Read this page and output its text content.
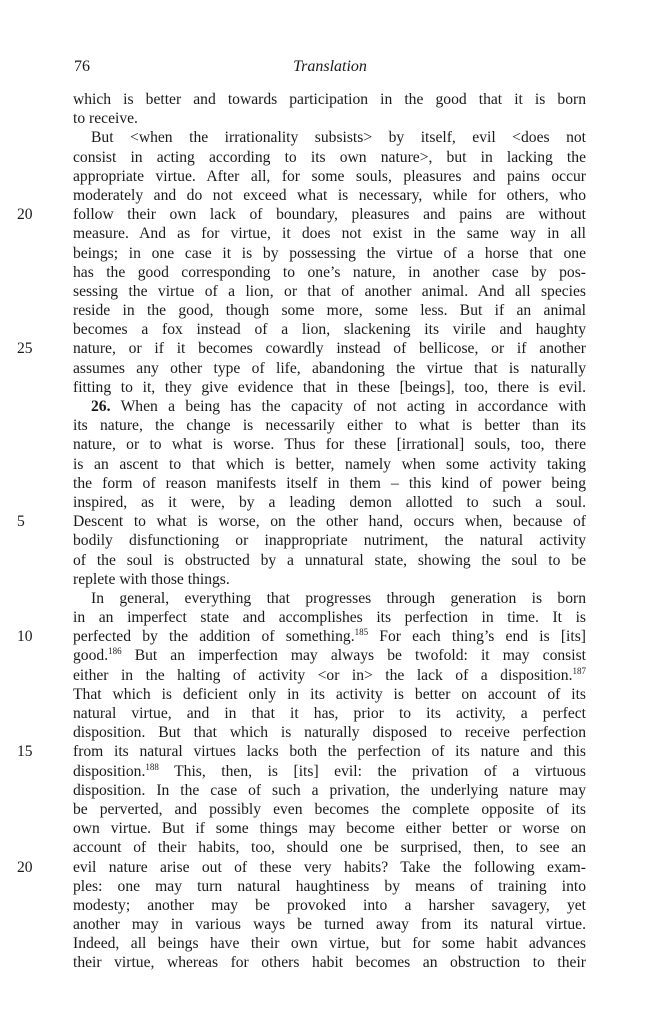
76	Translation
which is better and towards participation in the good that it is born
to receive.
But <when the irrationality subsists> by itself, evil <does not
consist in acting according to its own nature>, but in lacking the
appropriate virtue. After all, for some souls, pleasures and pains occur
moderately and do not exceed what is necessary, while for others, who
20	follow their own lack of boundary, pleasures and pains are without
measure. And as for virtue, it does not exist in the same way in all
beings; in one case it is by possessing the virtue of a horse that one
has the good corresponding to one’s nature, in another case by pos-
sessing the virtue of a lion, or that of another animal. And all species
reside in the good, though some more, some less. But if an animal
becomes a fox instead of a lion, slackening its virile and haughty
25	nature, or if it becomes cowardly instead of bellicose, or if another
assumes any other type of life, abandoning the virtue that is naturally
fitting to it, they give evidence that in these [beings], too, there is evil.
26. When a being has the capacity of not acting in accordance with
its nature, the change is necessarily either to what is better than its
nature, or to what is worse. Thus for these [irrational] souls, too, there
is an ascent to that which is better, namely when some activity taking
the form of reason manifests itself in them – this kind of power being
inspired, as it were, by a leading demon allotted to such a soul.
5	Descent to what is worse, on the other hand, occurs when, because of
bodily disfunctioning or inappropriate nutriment, the natural activity
of the soul is obstructed by a unnatural state, showing the soul to be
replete with those things.
In general, everything that progresses through generation is born
in an imperfect state and accomplishes its perfection in time. It is
10	perfected by the addition of something.$^{185}$ For each thing’s end is [its]
good.$^{186}$ But an imperfection may always be twofold: it may consist
either in the halting of activity <or in> the lack of a disposition.$^{187}$
That which is deficient only in its activity is better on account of its
natural virtue, and in that it has, prior to its activity, a perfect
disposition. But that which is naturally disposed to receive perfection
15	from its natural virtues lacks both the perfection of its nature and this
disposition.$^{188}$ This, then, is [its] evil: the privation of a virtuous
disposition. In the case of such a privation, the underlying nature may
be perverted, and possibly even becomes the complete opposite of its
own virtue. But if some things may become either better or worse on
account of their habits, too, should one be surprised, then, to see an
20	evil nature arise out of these very habits? Take the following exam-
ples: one may turn natural haughtiness by means of training into
modesty; another may be provoked into a harsher savagery, yet
another may in various ways be turned away from its natural virtue.
Indeed, all beings have their own virtue, but for some habit advances
their virtue, whereas for others habit becomes an obstruction to their
